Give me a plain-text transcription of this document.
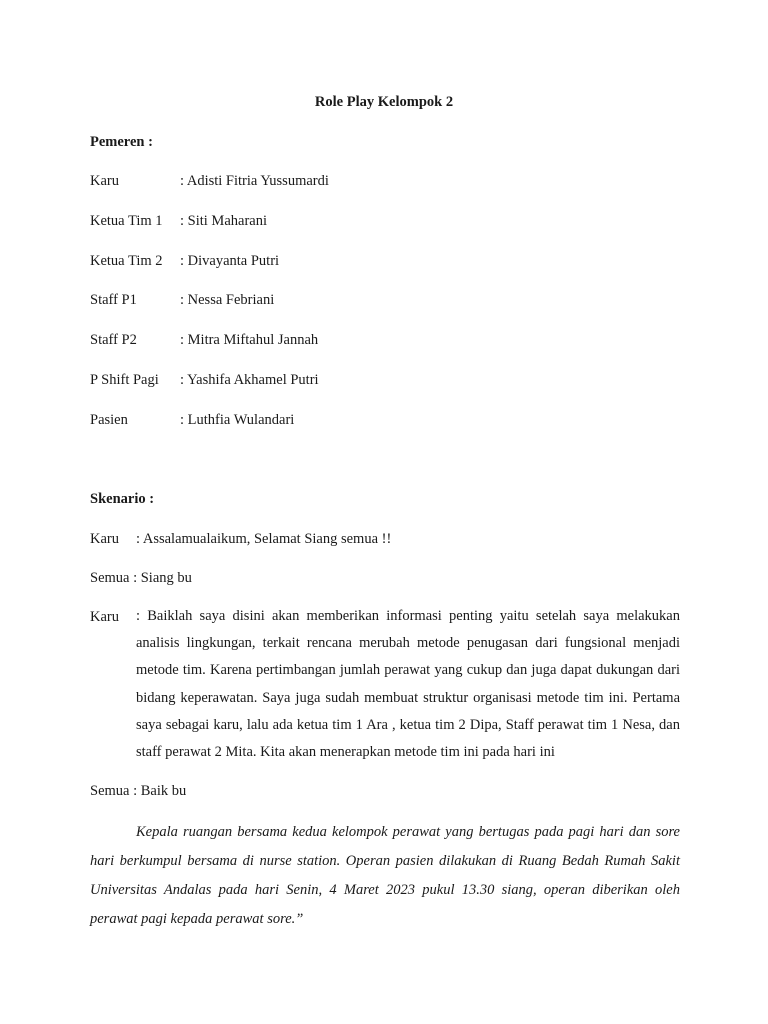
Role Play Kelompok 2
Pemeren :
Karu	: Adisti Fitria Yussumardi
Ketua Tim 1 : Siti Maharani
Ketua Tim 2 : Divayanta Putri
Staff P1	: Nessa Febriani
Staff P2	: Mitra Miftahul Jannah
P Shift Pagi : Yashifa Akhamel Putri
Pasien	: Luthfia Wulandari
Skenario :
Karu : Assalamualaikum, Selamat Siang semua !!
Semua : Siang bu
Karu : Baiklah saya disini akan memberikan informasi penting yaitu setelah saya melakukan analisis lingkungan, terkait rencana merubah metode penugasan dari fungsional menjadi metode tim. Karena pertimbangan jumlah perawat yang cukup dan juga dapat dukungan dari bidang keperawatan. Saya juga sudah membuat struktur organisasi metode tim ini. Pertama saya sebagai karu, lalu ada ketua tim 1 Ara , ketua tim 2 Dipa, Staff perawat tim 1 Nesa, dan staff perawat 2 Mita. Kita akan menerapkan metode tim ini pada hari ini
Semua : Baik bu
Kepala ruangan bersama kedua kelompok perawat yang bertugas pada pagi hari dan sore hari berkumpul bersama di nurse station. Operan pasien dilakukan di Ruang Bedah Rumah Sakit Universitas Andalas pada hari Senin, 4 Maret 2023 pukul 13.30 siang, operan diberikan oleh perawat pagi kepada perawat sore.”
